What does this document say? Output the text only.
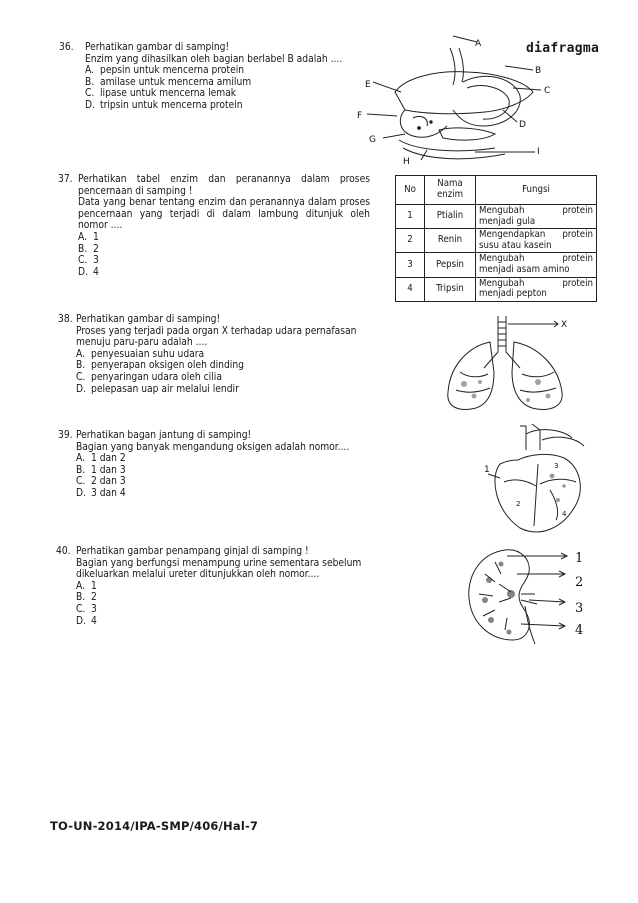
36. Perhatikan gambar di samping!
Enzim yang dihasilkan oleh bagian berlabel B adalah ....
A. pepsin untuk mencerna protein
B. amilase untuk mencerna amilum
C. lipase untuk mencerna lemak
D. tripsin untuk mencerna protein
A
B
C
D
E
F
G
H
I
diafragma
37. Perhatikan tabel enzim dan peranannya dalam proses
pencernaan di samping !
Data yang benar tentang enzim dan peranannya dalam proses
pencernaan yang terjadi di dalam lambung ditunjuk oleh
nomor ....
A. 1
B. 2
C. 3
D. 4
No	Nama enzim	Fungsi
1	Ptialin	Mengubah protein
menjadi gula

2	Renin	Mengendapkan protein
susu atau kasein

3	Pepsin	Mengubah protein
menjadi asam amino

4	Tripsin	Mengubah protein
menjadi pepton
38. Perhatikan gambar di samping!
Proses yang terjadi pada organ X terhadap udara pernafasan
menuju paru-paru adalah ....
A. penyesuaian suhu udara
B. penyerapan oksigen oleh dinding
C. penyaringan udara oleh cilia
D. pelepasan uap air melalui lendir
X
39. Perhatikan bagan jantung di samping!
Bagian yang banyak mengandung oksigen adalah nomor....
A. 1 dan 2
B. 1 dan 3
C. 2 dan 3
D. 3 dan 4
1
2
3
4
40. Perhatikan gambar penampang ginjal di samping !
Bagian yang berfungsi menampung urine sementara sebelum
dikeluarkan melalui ureter ditunjukkan oleh nomor....
A. 1
B. 2
C. 3
D. 4
1
2
3
4
TO-UN-2014/IPA-SMP/406/Hal-7
